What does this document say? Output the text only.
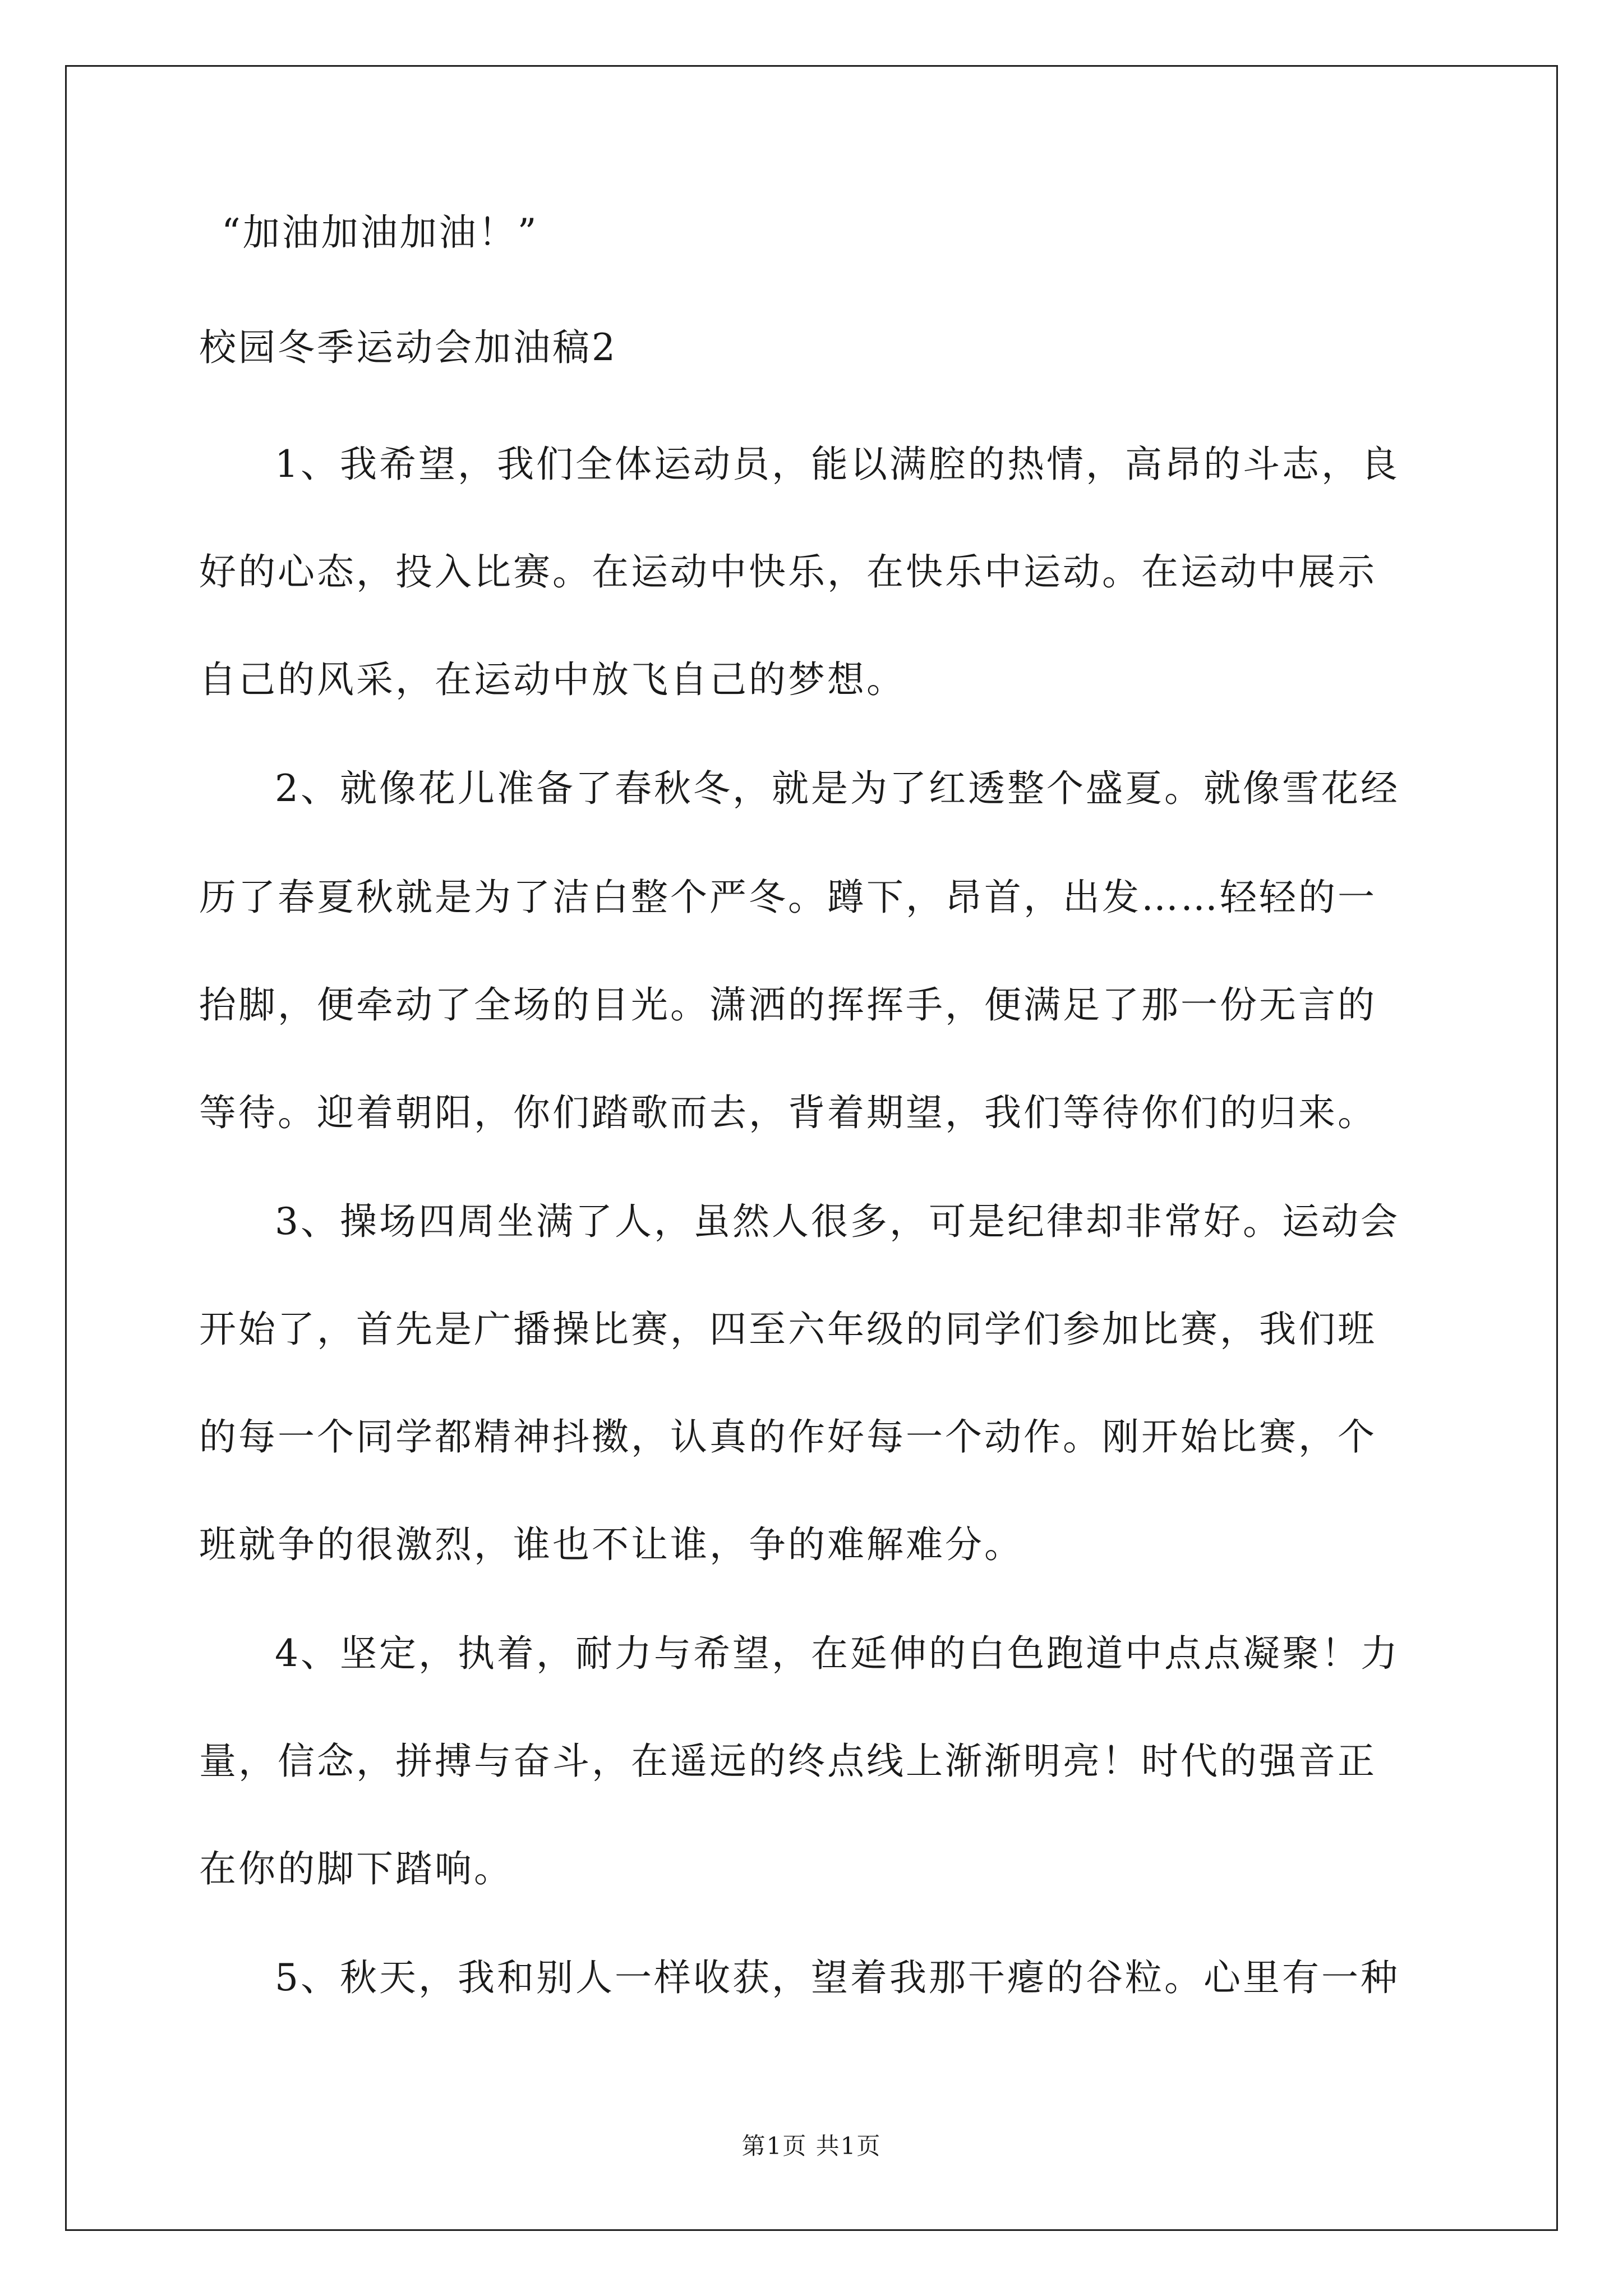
“加油加油加油！”
校园冬季运动会加油稿2
1、我希望，我们全体运动员，能以满腔的热情，高昂的斗志，良
好的心态，投入比赛。在运动中快乐，在快乐中运动。在运动中展示
自己的风采，在运动中放飞自己的梦想。
2、就像花儿准备了春秋冬，就是为了红透整个盛夏。就像雪花经
历了春夏秋就是为了洁白整个严冬。蹲下，昂首，出发……轻轻的一
抬脚，便牵动了全场的目光。潇洒的挥挥手，便满足了那一份无言的
等待。迎着朝阳，你们踏歌而去，背着期望，我们等待你们的归来。
3、操场四周坐满了人，虽然人很多，可是纪律却非常好。运动会
开始了，首先是广播操比赛，四至六年级的同学们参加比赛，我们班
的每一个同学都精神抖擞，认真的作好每一个动作。刚开始比赛，个
班就争的很激烈，谁也不让谁，争的难解难分。
4、坚定，执着，耐力与希望，在延伸的白色跑道中点点凝聚！力
量，信念，拼搏与奋斗，在遥远的终点线上渐渐明亮！时代的强音正
在你的脚下踏响。
5、秋天，我和别人一样收获，望着我那干瘪的谷粒。心里有一种
第1页 共1页
